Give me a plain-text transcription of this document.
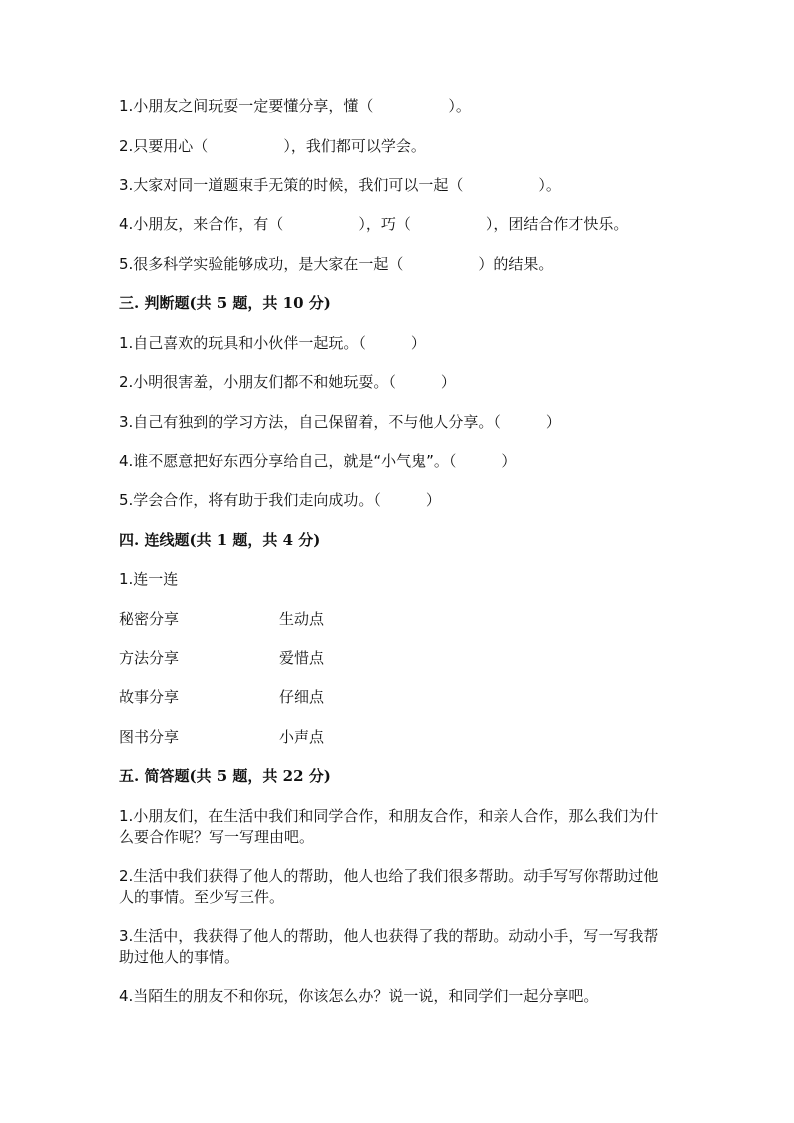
1.小朋友之间玩耍一定要懂分享，懂（　　　　　）。
2.只要用心（　　　　　），我们都可以学会。
3.大家对同一道题束手无策的时候，我们可以一起（　　　　　）。
4.小朋友，来合作，有（　　　　　），巧（　　　　　），团结合作才快乐。
5.很多科学实验能够成功，是大家在一起（　　　　　）的结果。
三. 判断题(共 5 题，共 10 分)
1.自己喜欢的玩具和小伙伴一起玩。（　　　）
2.小明很害羞，小朋友们都不和她玩耍。（　　　）
3.自己有独到的学习方法，自己保留着，不与他人分享。（　　　）
4.谁不愿意把好东西分享给自己，就是“小气鬼”。（　　　）
5.学会合作，将有助于我们走向成功。（　　　）
四. 连线题(共 1 题，共 4 分)
1.连一连
秘密分享	生动点
方法分享	爱惜点
故事分享	仔细点
图书分享	小声点
五. 简答题(共 5 题，共 22 分)
1.小朋友们，在生活中我们和同学合作，和朋友合作，和亲人合作，那么我们为什么要合作呢？写一写理由吧。
2.生活中我们获得了他人的帮助，他人也给了我们很多帮助。动手写写你帮助过他人的事情。至少写三件。
3.生活中，我获得了他人的帮助，他人也获得了我的帮助。动动小手，写一写我帮助过他人的事情。
4.当陌生的朋友不和你玩，你该怎么办？说一说，和同学们一起分享吧。
